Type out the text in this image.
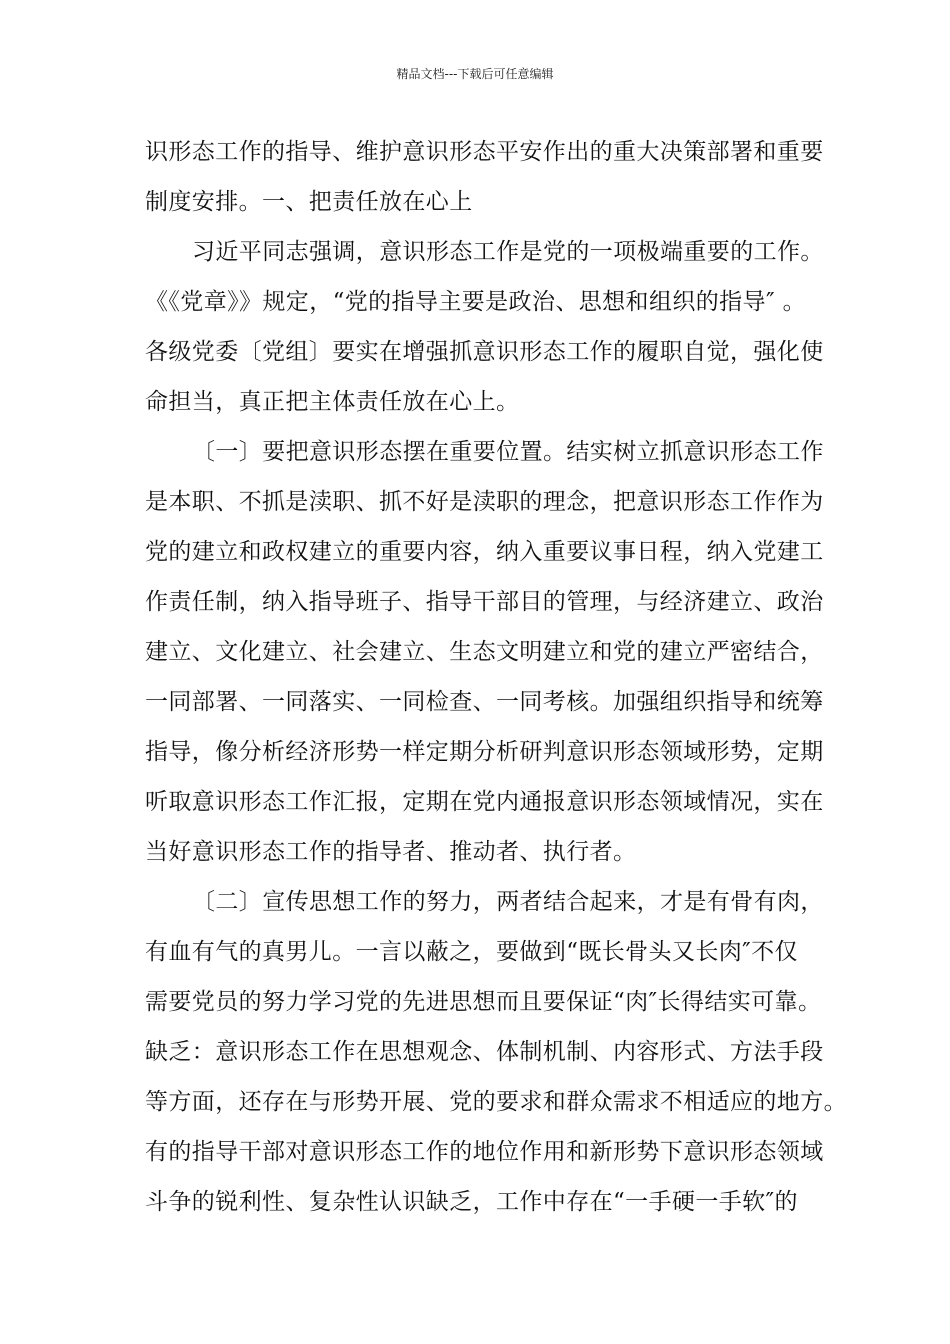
精品文档---下载后可任意编辑
识形态工作的指导、维护意识形态平安作出的重大决策部署和重要
制度安排。一、把责任放在心上
习近平同志强调，意识形态工作是党的一项极端重要的工作。
《《党章》》规定，“党的指导主要是政治、思想和组织的指导″ 。
各级党委〔党组〕要实在增强抓意识形态工作的履职自觉，强化使
命担当，真正把主体责任放在心上。
〔一〕要把意识形态摆在重要位置。结实树立抓意识形态工作
是本职、不抓是渎职、抓不好是渎职的理念，把意识形态工作作为
党的建立和政权建立的重要内容，纳入重要议事日程，纳入党建工
作责任制，纳入指导班子、指导干部目的管理，与经济建立、政治
建立、文化建立、社会建立、生态文明建立和党的建立严密结合，
一同部署、一同落实、一同检查、一同考核。加强组织指导和统筹
指导，像分析经济形势一样定期分析研判意识形态领域形势，定期
听取意识形态工作汇报，定期在党内通报意识形态领域情况，实在
当好意识形态工作的指导者、推动者、执行者。
〔二〕宣传思想工作的努力，两者结合起来，才是有骨有肉，
有血有气的真男儿。一言以蔽之，要做到“既长骨头又长肉″不仅
需要党员的努力学习党的先进思想而且要保证“肉″长得结实可靠。
缺乏：意识形态工作在思想观念、体制机制、内容形式、方法手段
等方面，还存在与形势开展、党的要求和群众需求不相适应的地方。
有的指导干部对意识形态工作的地位作用和新形势下意识形态领域
斗争的锐利性、复杂性认识缺乏，工作中存在“一手硬一手软″的
